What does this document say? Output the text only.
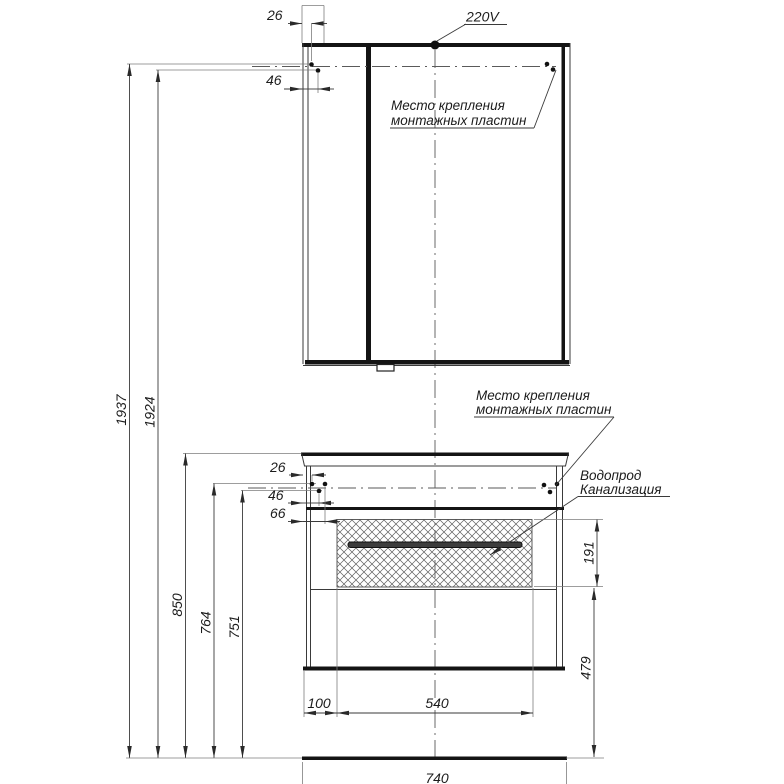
220V
Место крепления
монтажных пластин
26
46
Место крепления
монтажных пластин
Водопрод
Канализация
26
46
66
1937 1924
850
764 751
191
479
100	540
740
